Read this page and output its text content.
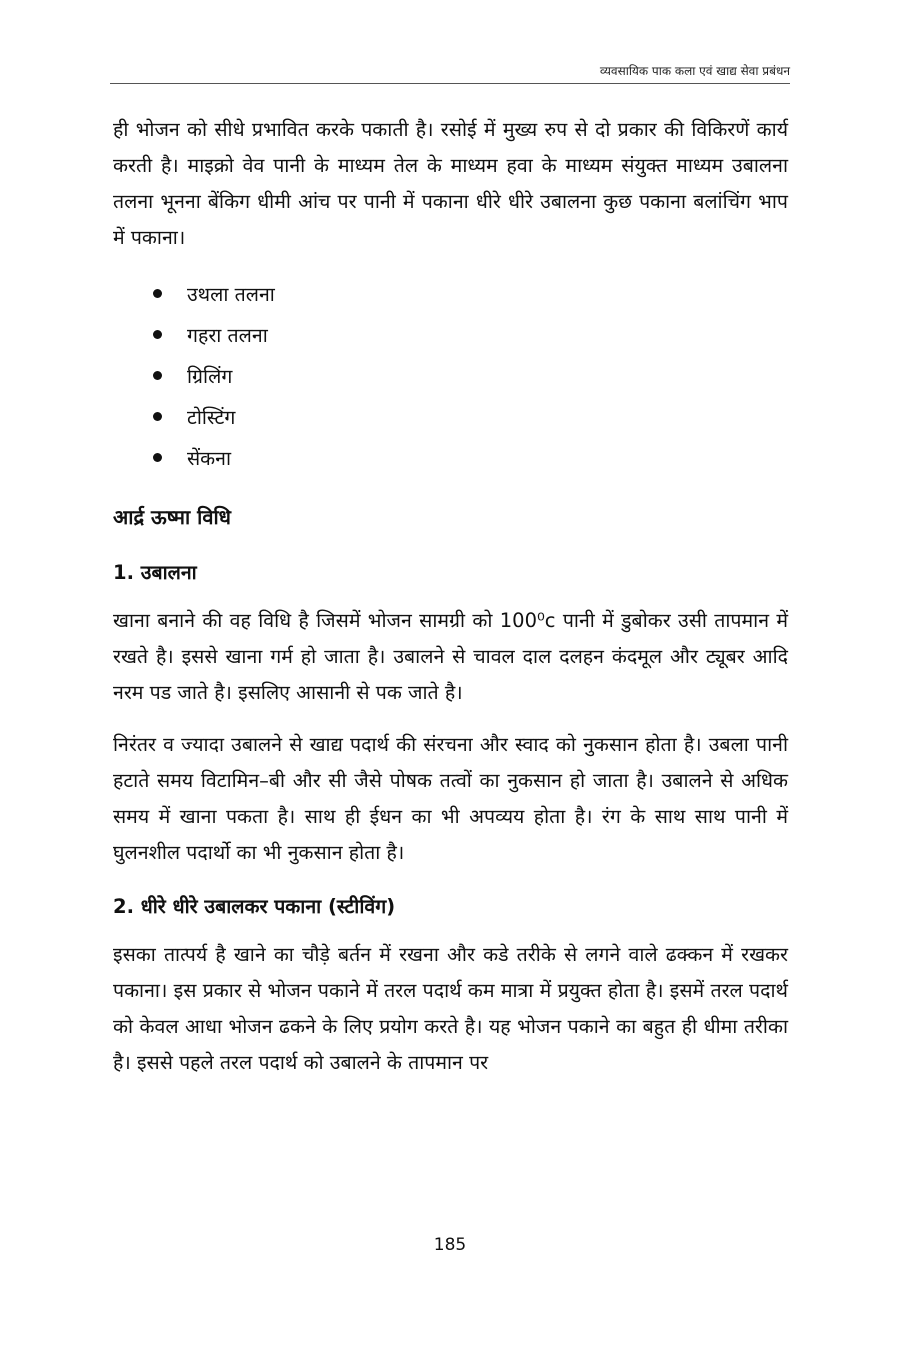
व्यवसायिक पाक कला एवं खाद्य सेवा प्रबंधन

ही भोजन को सीधे प्रभावित करके पकाती है। रसोई में मुख्य रुप से दो प्रकार की विकिरणें कार्य करती है। माइक्रो वेव पानी के माध्यम तेल के माध्यम हवा के माध्यम संयुक्त माध्यम उबालना तलना भूनना बेंकिग धीमी आंच पर पानी में पकाना धीरे धीरे उबालना कुछ पकाना बलांचिंग भाप में पकाना।

उथला तलना
गहरा तलना
ग्रिलिंग
टोस्टिंग
सेंकना
आर्द्र ऊष्मा विधि
1. उबालना

खाना बनाने की वह विधि है जिसमें भोजन सामग्री को 100⁰ᴄ पानी में डुबोकर उसी तापमान में रखते है। इससे खाना गर्म हो जाता है। उबालने से चावल दाल दलहन कंदमूल और ट्यूबर आदि नरम पड जाते है। इसलिए आसानी से पक जाते है।

निरंतर व ज्यादा उबालने से खाद्य पदार्थ की संरचना और स्वाद को नुकसान होता है। उबला पानी हटाते समय विटामिन–बी और सी जैसे पोषक तत्वों का नुकसान हो जाता है। उबालने से अधिक समय में खाना पकता है। साथ ही ईधन का भी अपव्यय होता है। रंग के साथ साथ पानी में घुलनशील पदार्थो का भी नुकसान होता है।

2. धीरे धीरे उबालकर पकाना (स्टीविंग)

इसका तात्पर्य है खाने का चौड़े बर्तन में रखना और कडे तरीके से लगने वाले ढक्कन में रखकर पकाना। इस प्रकार से भोजन पकाने में तरल पदार्थ कम मात्रा में प्रयुक्त होता है। इसमें तरल पदार्थ को केवल आधा भोजन ढकने के लिए प्रयोग करते है। यह भोजन पकाने का बहुत ही धीमा तरीका है। इससे पहले तरल पदार्थ को उबालने के तापमान पर

185
